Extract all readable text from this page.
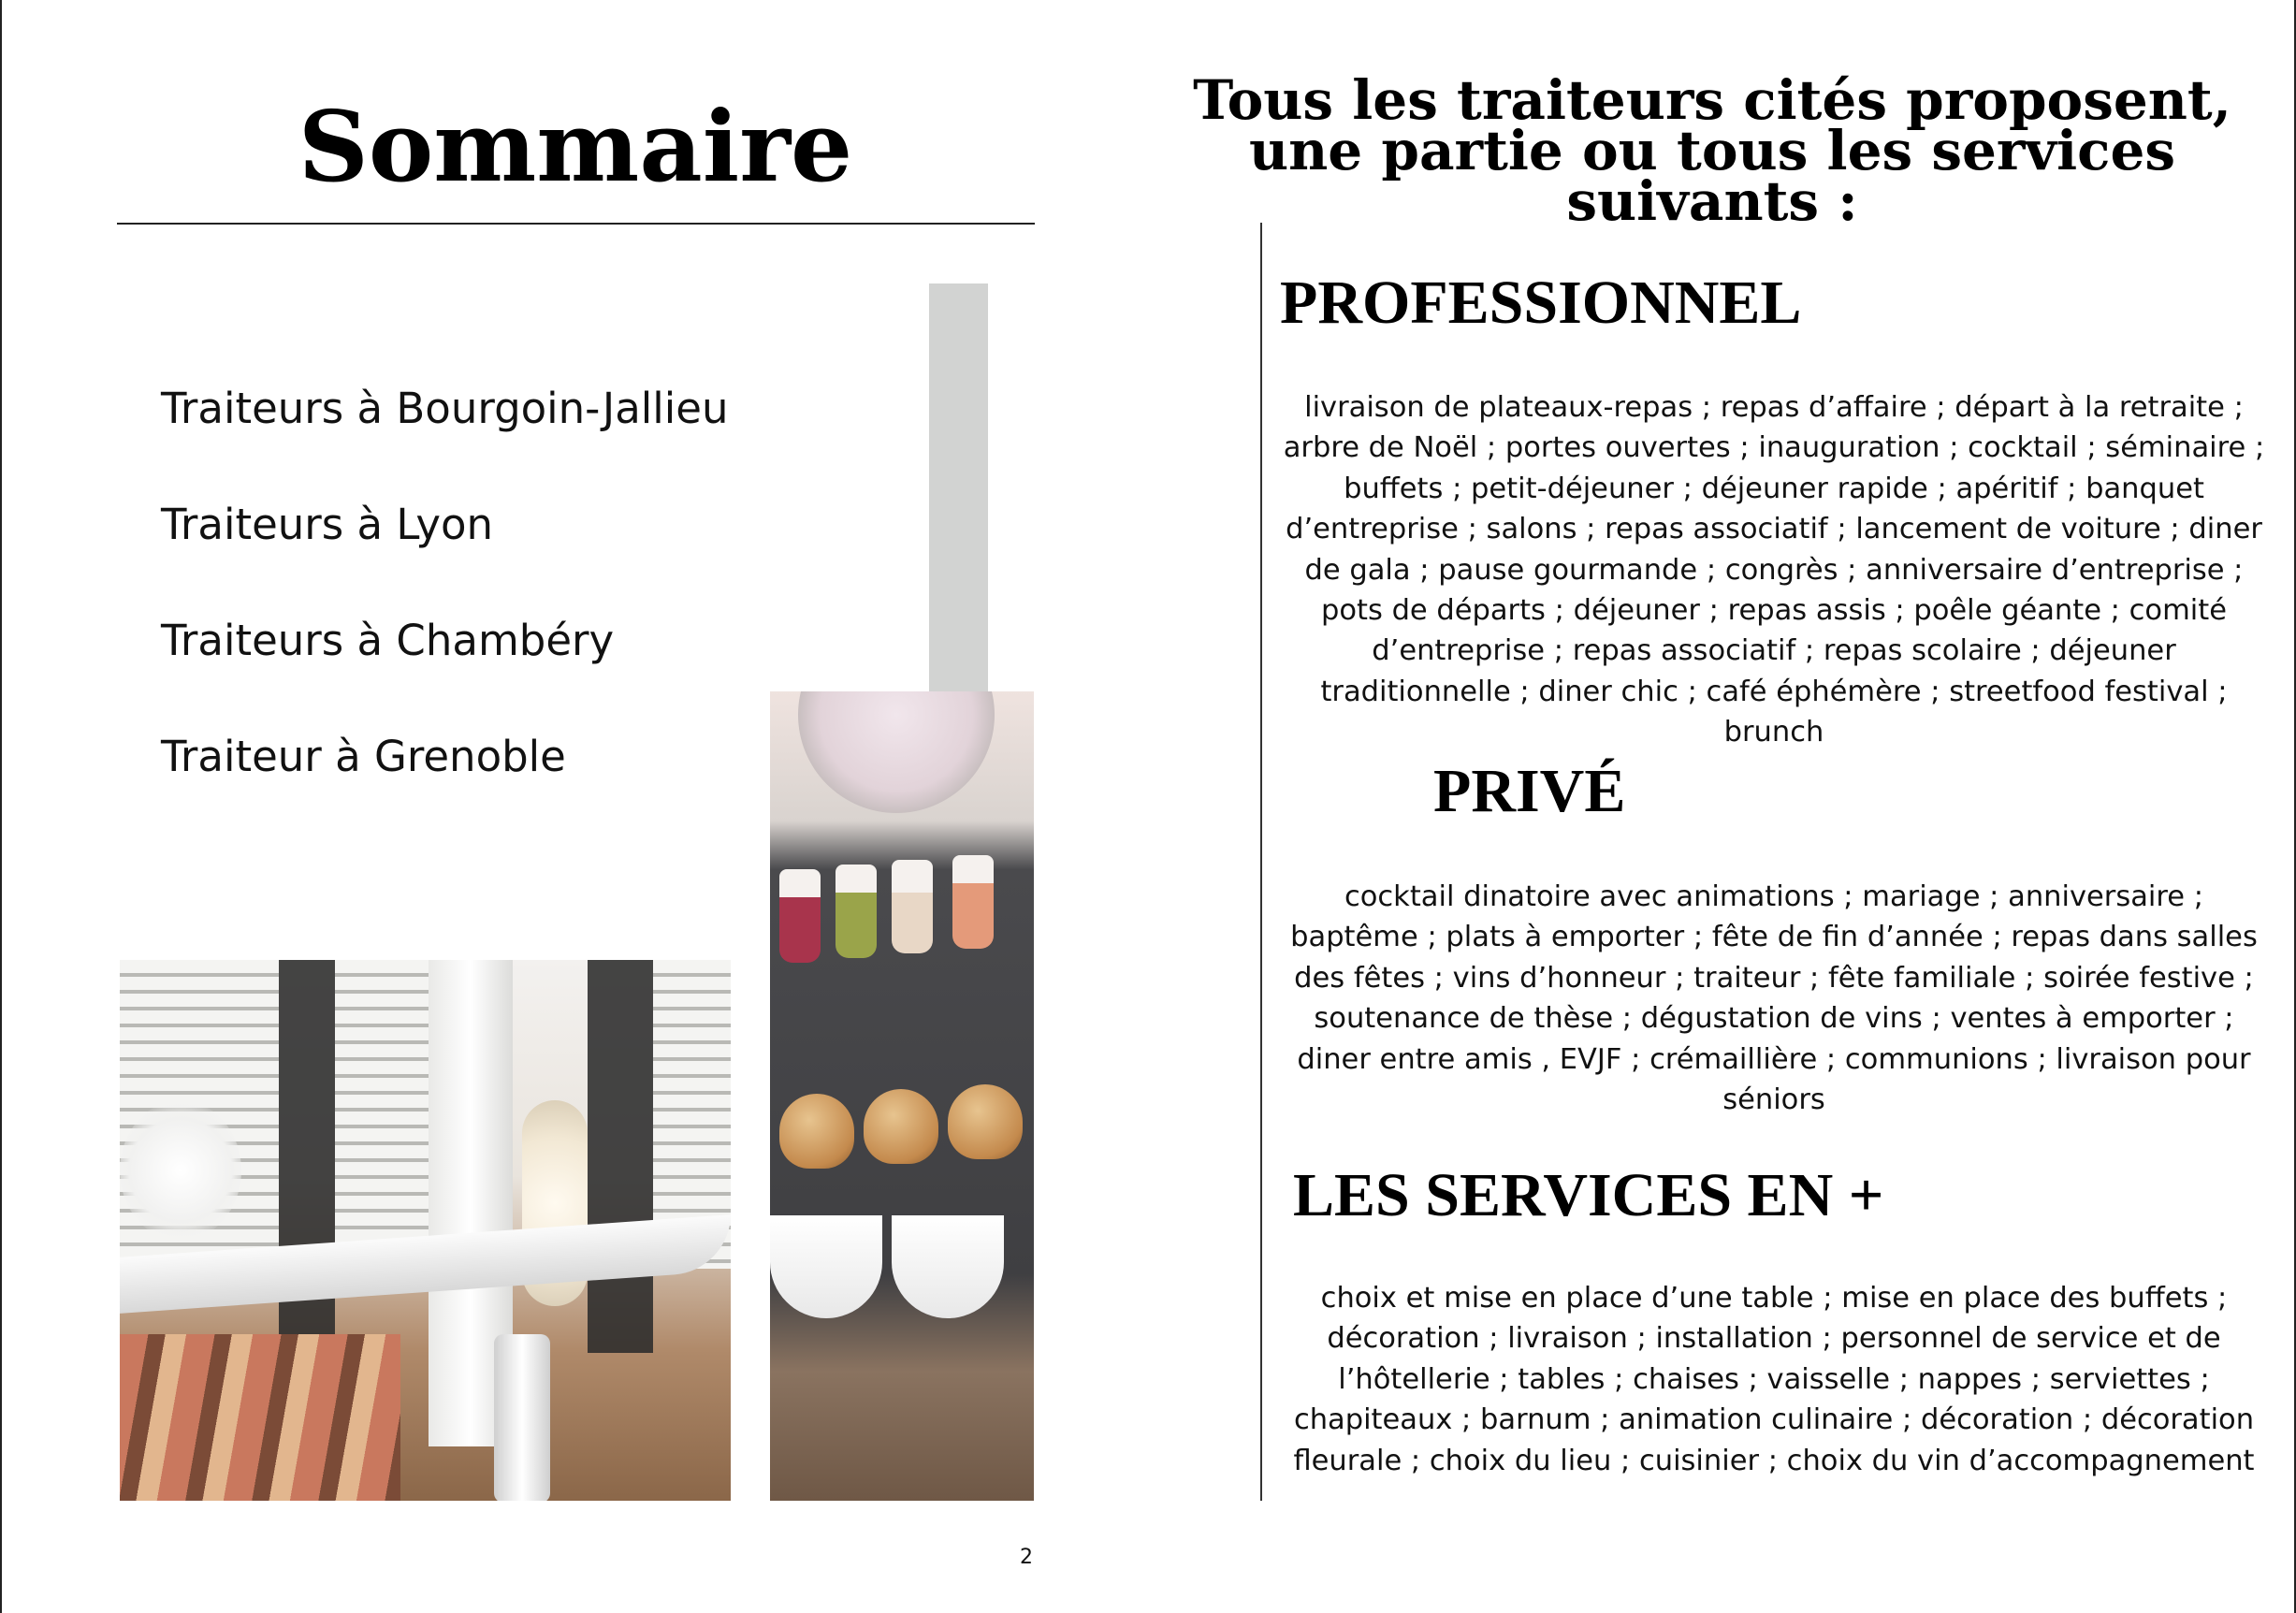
Sommaire
Traiteurs à Bourgoin-Jallieu
Traiteurs à Lyon
Traiteurs à Chambéry
Traiteur à Grenoble
2
Tous les traiteurs cités proposent, une partie ou tous les services suivants :
PROFESSIONNEL

livraison de plateaux-repas ; repas d’affaire ; départ à la retraite ; arbre de Noël ; portes ouvertes ; inauguration ; cocktail ; séminaire ; buffets ; petit-déjeuner ; déjeuner rapide ; apéritif ; banquet d’entreprise ; salons ; repas associatif ; lancement de voiture ; diner de gala ; pause gourmande ; congrès ; anniversaire d’entreprise ; pots de départs ; déjeuner ; repas assis ; poêle géante ; comité d’entreprise ; repas associatif ; repas scolaire ; déjeuner traditionnelle ; diner chic ; café éphémère ; streetfood festival ; brunch

PRIVÉ

cocktail dinatoire avec animations ; mariage ; anniversaire ; baptême ; plats à emporter ; fête de fin d’année ; repas dans salles des fêtes ; vins d’honneur ; traiteur ; fête familiale ; soirée festive ; soutenance de thèse ; dégustation de vins ; ventes à emporter ; diner entre amis , EVJF ; crémaillière ; communions ; livraison pour séniors

LES SERVICES EN +

choix et mise en place d’une table ; mise en place des buffets ; décoration ; livraison ; installation ; personnel de service et de l’hôtellerie ; tables ; chaises ; vaisselle ; nappes ; serviettes ; chapiteaux ; barnum ; animation culinaire ; décoration ; décoration fleurale ; choix du lieu ; cuisinier ; choix du vin d’accompagnement
